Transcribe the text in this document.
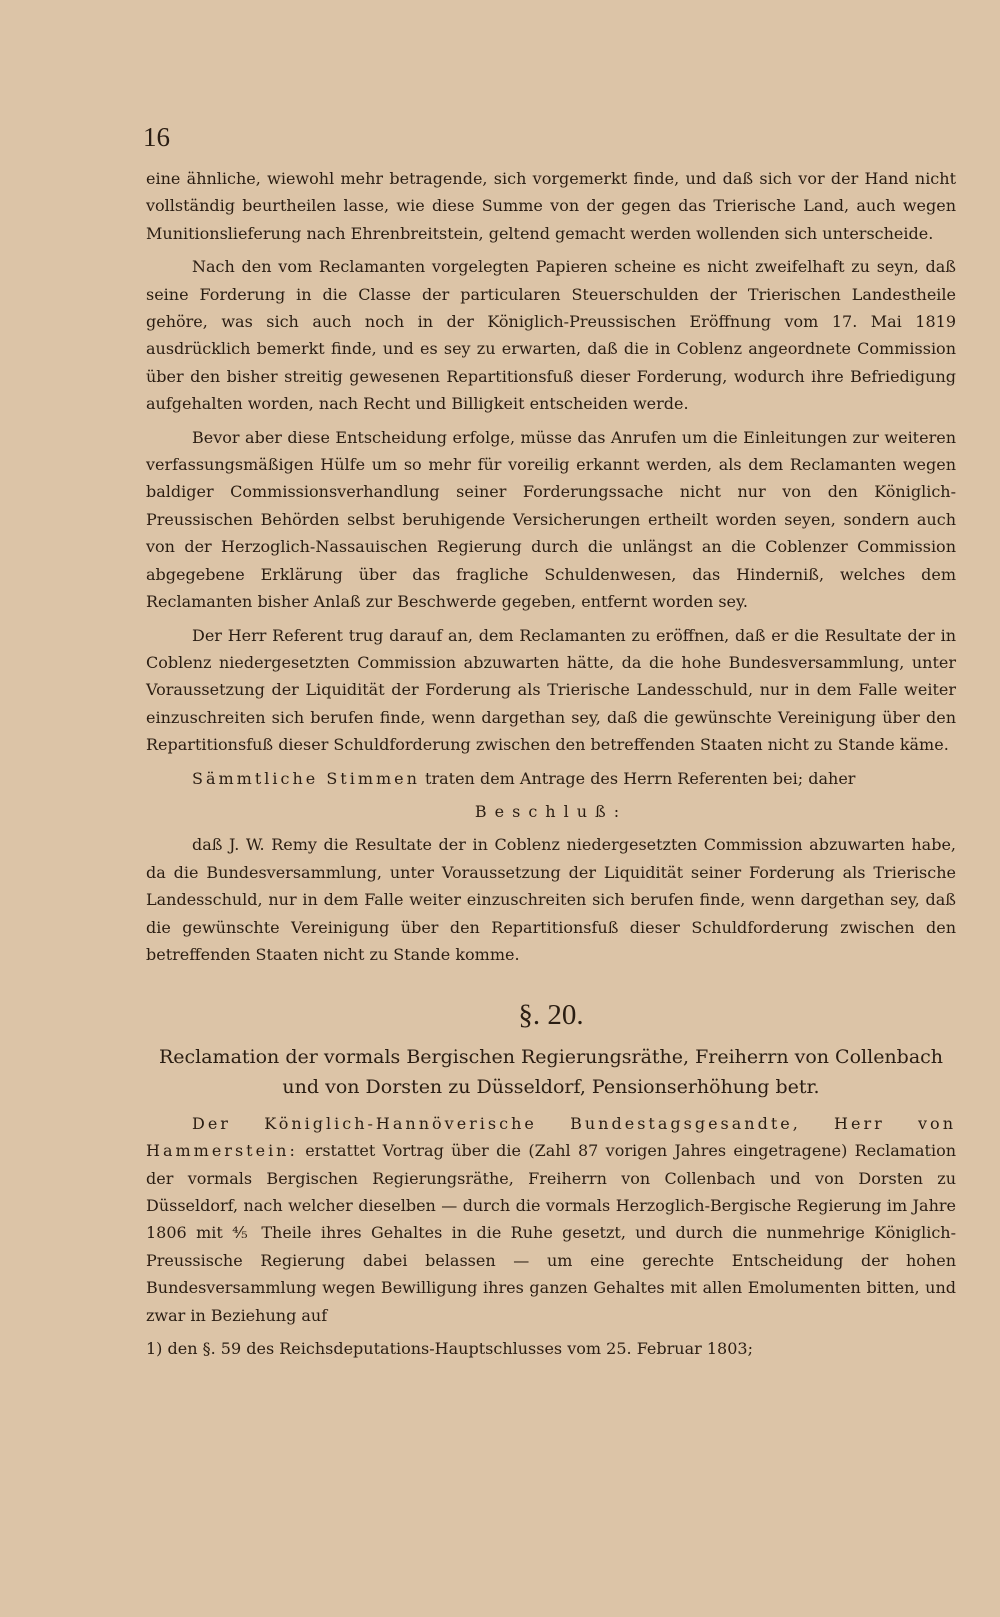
16

eine ähnliche, wiewohl mehr betragende, sich vorgemerkt finde, und daß sich vor der Hand nicht vollständig beurtheilen lasse, wie diese Summe von der gegen das Trierische Land, auch wegen Munitionslieferung nach Ehrenbreitstein, geltend gemacht werden wollenden sich unterscheide.

Nach den vom Reclamanten vorgelegten Papieren scheine es nicht zweifelhaft zu seyn, daß seine Forderung in die Classe der particularen Steuerschulden der Trierischen Landestheile gehöre, was sich auch noch in der Königlich-Preussischen Eröffnung vom 17. Mai 1819 ausdrücklich bemerkt finde, und es sey zu erwarten, daß die in Coblenz angeordnete Commission über den bisher streitig gewesenen Repartitionsfuß dieser Forderung, wodurch ihre Befriedigung aufgehalten worden, nach Recht und Billigkeit entscheiden werde.

Bevor aber diese Entscheidung erfolge, müsse das Anrufen um die Einleitungen zur weiteren verfassungsmäßigen Hülfe um so mehr für voreilig erkannt werden, als dem Reclamanten wegen baldiger Commissionsverhandlung seiner Forderungssache nicht nur von den Königlich-Preussischen Behörden selbst beruhigende Versicherungen ertheilt worden seyen, sondern auch von der Herzoglich-Nassauischen Regierung durch die unlängst an die Coblenzer Commission abgegebene Erklärung über das fragliche Schuldenwesen, das Hinderniß, welches dem Reclamanten bisher Anlaß zur Beschwerde gegeben, entfernt worden sey.

Der Herr Referent trug darauf an, dem Reclamanten zu eröffnen, daß er die Resultate der in Coblenz niedergesetzten Commission abzuwarten hätte, da die hohe Bundesversammlung, unter Voraussetzung der Liquidität der Forderung als Trierische Landesschuld, nur in dem Falle weiter einzuschreiten sich berufen finde, wenn dargethan sey, daß die gewünschte Vereinigung über den Repartitionsfuß dieser Schuldforderung zwischen den betreffenden Staaten nicht zu Stande käme.

Sämmtliche Stimmen traten dem Antrage des Herrn Referenten bei; daher

Beschluß:

daß J. W. Remy die Resultate der in Coblenz niedergesetzten Commission abzuwarten habe, da die Bundesversammlung, unter Voraussetzung der Liquidität seiner Forderung als Trierische Landesschuld, nur in dem Falle weiter einzuschreiten sich berufen finde, wenn dargethan sey, daß die gewünschte Vereinigung über den Repartitionsfuß dieser Schuldforderung zwischen den betreffenden Staaten nicht zu Stande komme.

§. 20.
Reclamation der vormals Bergischen Regierungsräthe, Freiherrn von Collenbach und von Dorsten zu Düsseldorf, Pensionserhöhung betr.

Der Königlich-Hannöverische Bundestagsgesandte, Herr von Hammerstein: erstattet Vortrag über die (Zahl 87 vorigen Jahres eingetragene) Reclamation der vormals Bergischen Regierungsräthe, Freiherrn von Collenbach und von Dorsten zu Düsseldorf, nach welcher dieselben — durch die vormals Herzoglich-Bergische Regierung im Jahre 1806 mit ⅘ Theile ihres Gehaltes in die Ruhe gesetzt, und durch die nunmehrige Königlich-Preussische Regierung dabei belassen — um eine gerechte Entscheidung der hohen Bundesversammlung wegen Bewilligung ihres ganzen Gehaltes mit allen Emolumenten bitten, und zwar in Beziehung auf

1) den §. 59 des Reichsdeputations-Hauptschlusses vom 25. Februar 1803;
